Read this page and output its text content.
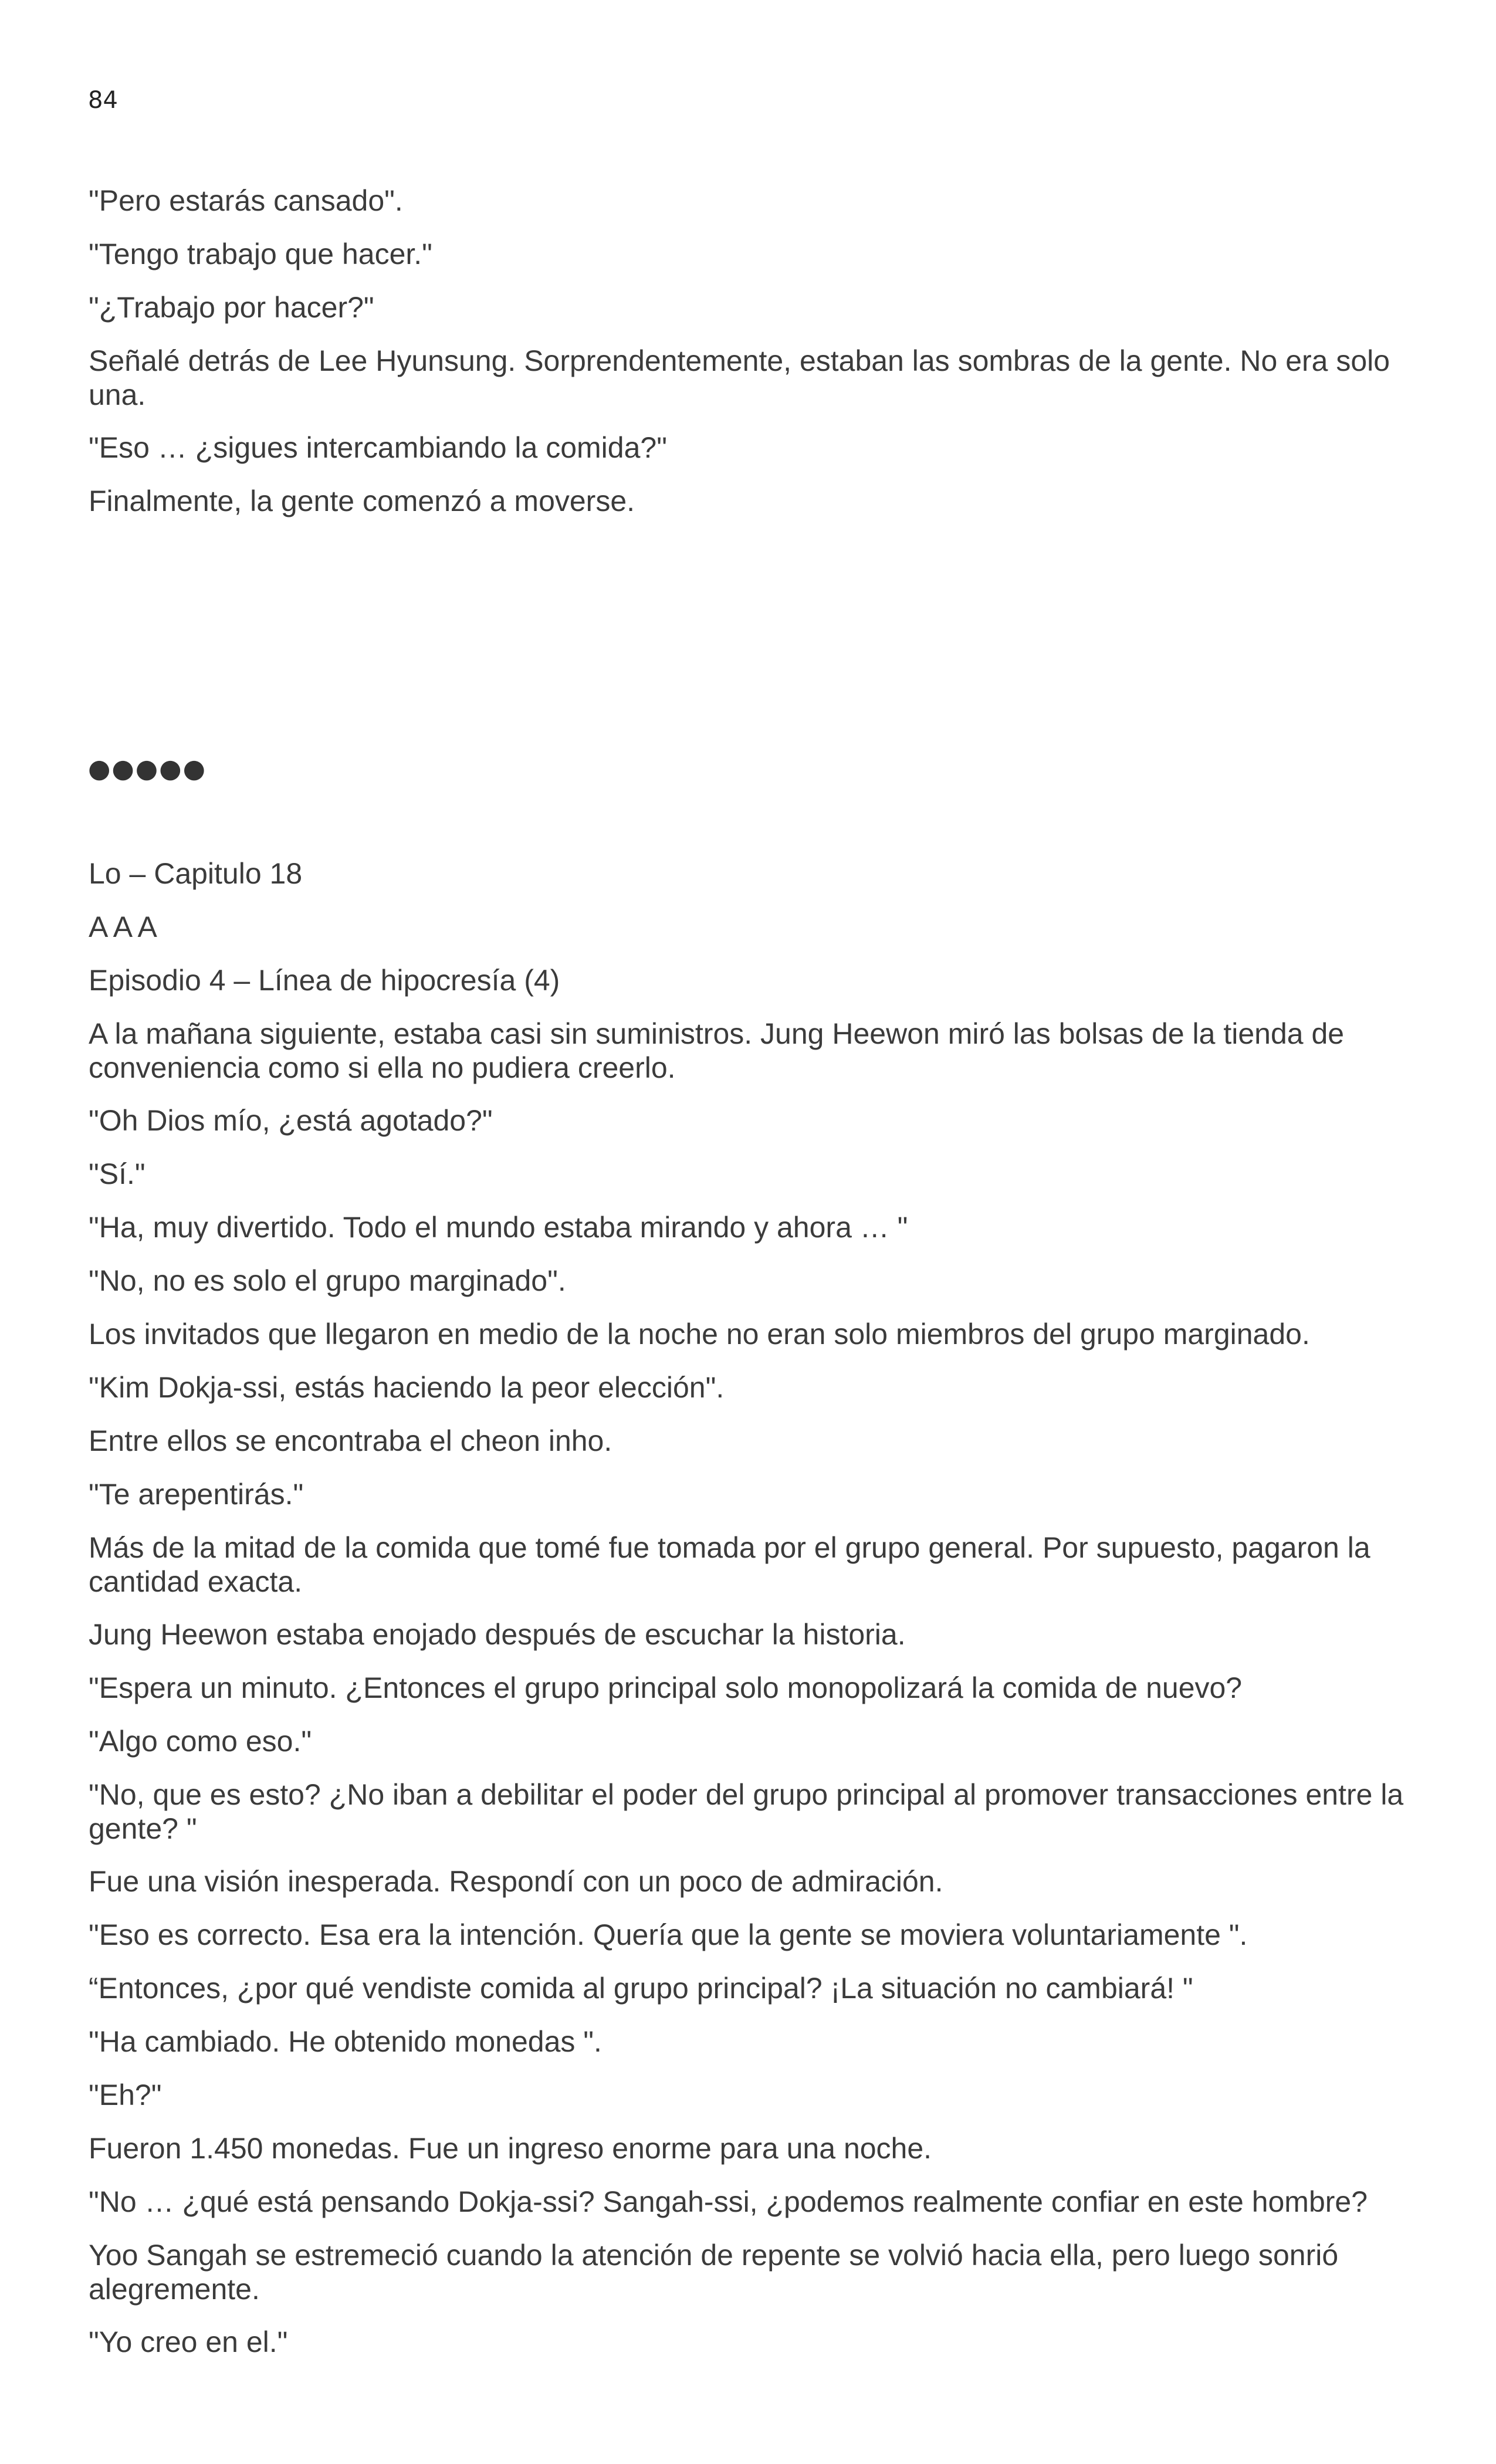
84
"Pero estarás cansado".
"Tengo trabajo que hacer."
"¿Trabajo por hacer?"
Señalé detrás de Lee Hyunsung. Sorprendentemente, estaban las sombras de la gente. No era solo una.
"Eso … ¿sigues intercambiando la comida?"
Finalmente, la gente comenzó a moverse.
●●●●●
Lo – Capitulo 18
A A A
Episodio 4 – Línea de hipocresía (4)
A la mañana siguiente, estaba casi sin suministros. Jung Heewon miró las bolsas de la tienda de conveniencia como si ella no pudiera creerlo.
"Oh Dios mío, ¿está agotado?"
"Sí."
"Ha, muy divertido. Todo el mundo estaba mirando y ahora … "
"No, no es solo el grupo marginado".
Los invitados que llegaron en medio de la noche no eran solo miembros del grupo marginado.
"Kim Dokja-ssi, estás haciendo la peor elección".
Entre ellos se encontraba el cheon inho.
"Te arepentirás."
Más de la mitad de la comida que tomé fue tomada por el grupo general. Por supuesto, pagaron la cantidad exacta.
Jung Heewon estaba enojado después de escuchar la historia.
"Espera un minuto. ¿Entonces el grupo principal solo monopolizará la comida de nuevo?
"Algo como eso."
"No, que es esto? ¿No iban a debilitar el poder del grupo principal al promover transacciones entre la gente? "
Fue una visión inesperada. Respondí con un poco de admiración.
"Eso es correcto. Esa era la intención. Quería que la gente se moviera voluntariamente ".
“Entonces, ¿por qué vendiste comida al grupo principal? ¡La situación no cambiará! "
"Ha cambiado. He obtenido monedas ".
"Eh?"
Fueron 1.450 monedas. Fue un ingreso enorme para una noche.
"No … ¿qué está pensando Dokja-ssi? Sangah-ssi, ¿podemos realmente confiar en este hombre?
Yoo Sangah se estremeció cuando la atención de repente se volvió hacia ella, pero luego sonrió alegremente.
"Yo creo en el."
